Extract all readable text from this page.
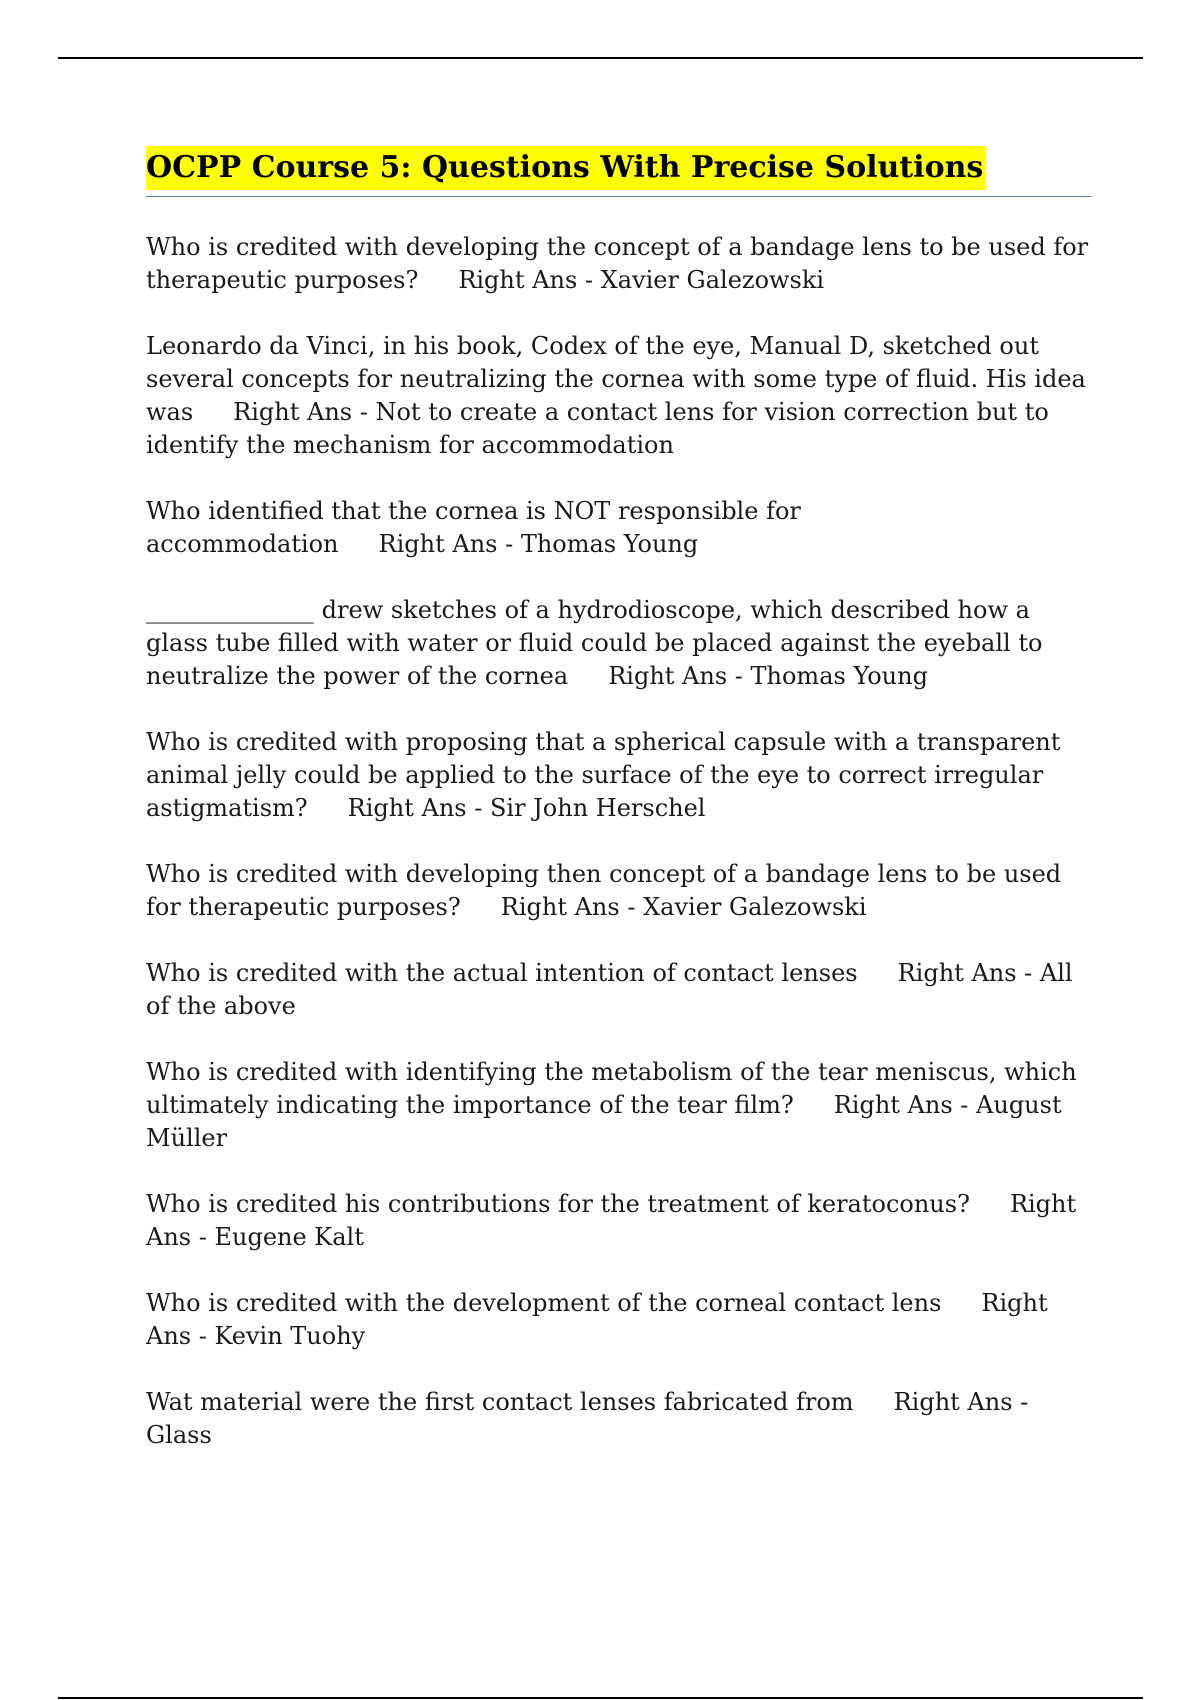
OCPP Course 5: Questions With Precise Solutions
Who is credited with developing the concept of a bandage lens to be used for therapeutic purposes? Right Ans - Xavier Galezowski
Leonardo da Vinci, in his book, Codex of the eye, Manual D, sketched out several concepts for neutralizing the cornea with some type of fluid. His idea was Right Ans - Not to create a contact lens for vision correction but to identify the mechanism for accommodation
Who identified that the cornea is NOT responsible for accommodation Right Ans - Thomas Young
______________ drew sketches of a hydrodioscope, which described how a glass tube filled with water or fluid could be placed against the eyeball to neutralize the power of the cornea Right Ans - Thomas Young
Who is credited with proposing that a spherical capsule with a transparent animal jelly could be applied to the surface of the eye to correct irregular astigmatism? Right Ans - Sir John Herschel
Who is credited with developing then concept of a bandage lens to be used for therapeutic purposes? Right Ans - Xavier Galezowski
Who is credited with the actual intention of contact lenses Right Ans - All of the above
Who is credited with identifying the metabolism of the tear meniscus, which ultimately indicating the importance of the tear film? Right Ans - August Müller
Who is credited his contributions for the treatment of keratoconus? Right Ans - Eugene Kalt
Who is credited with the development of the corneal contact lens Right Ans - Kevin Tuohy
Wat material were the first contact lenses fabricated from Right Ans - Glass
